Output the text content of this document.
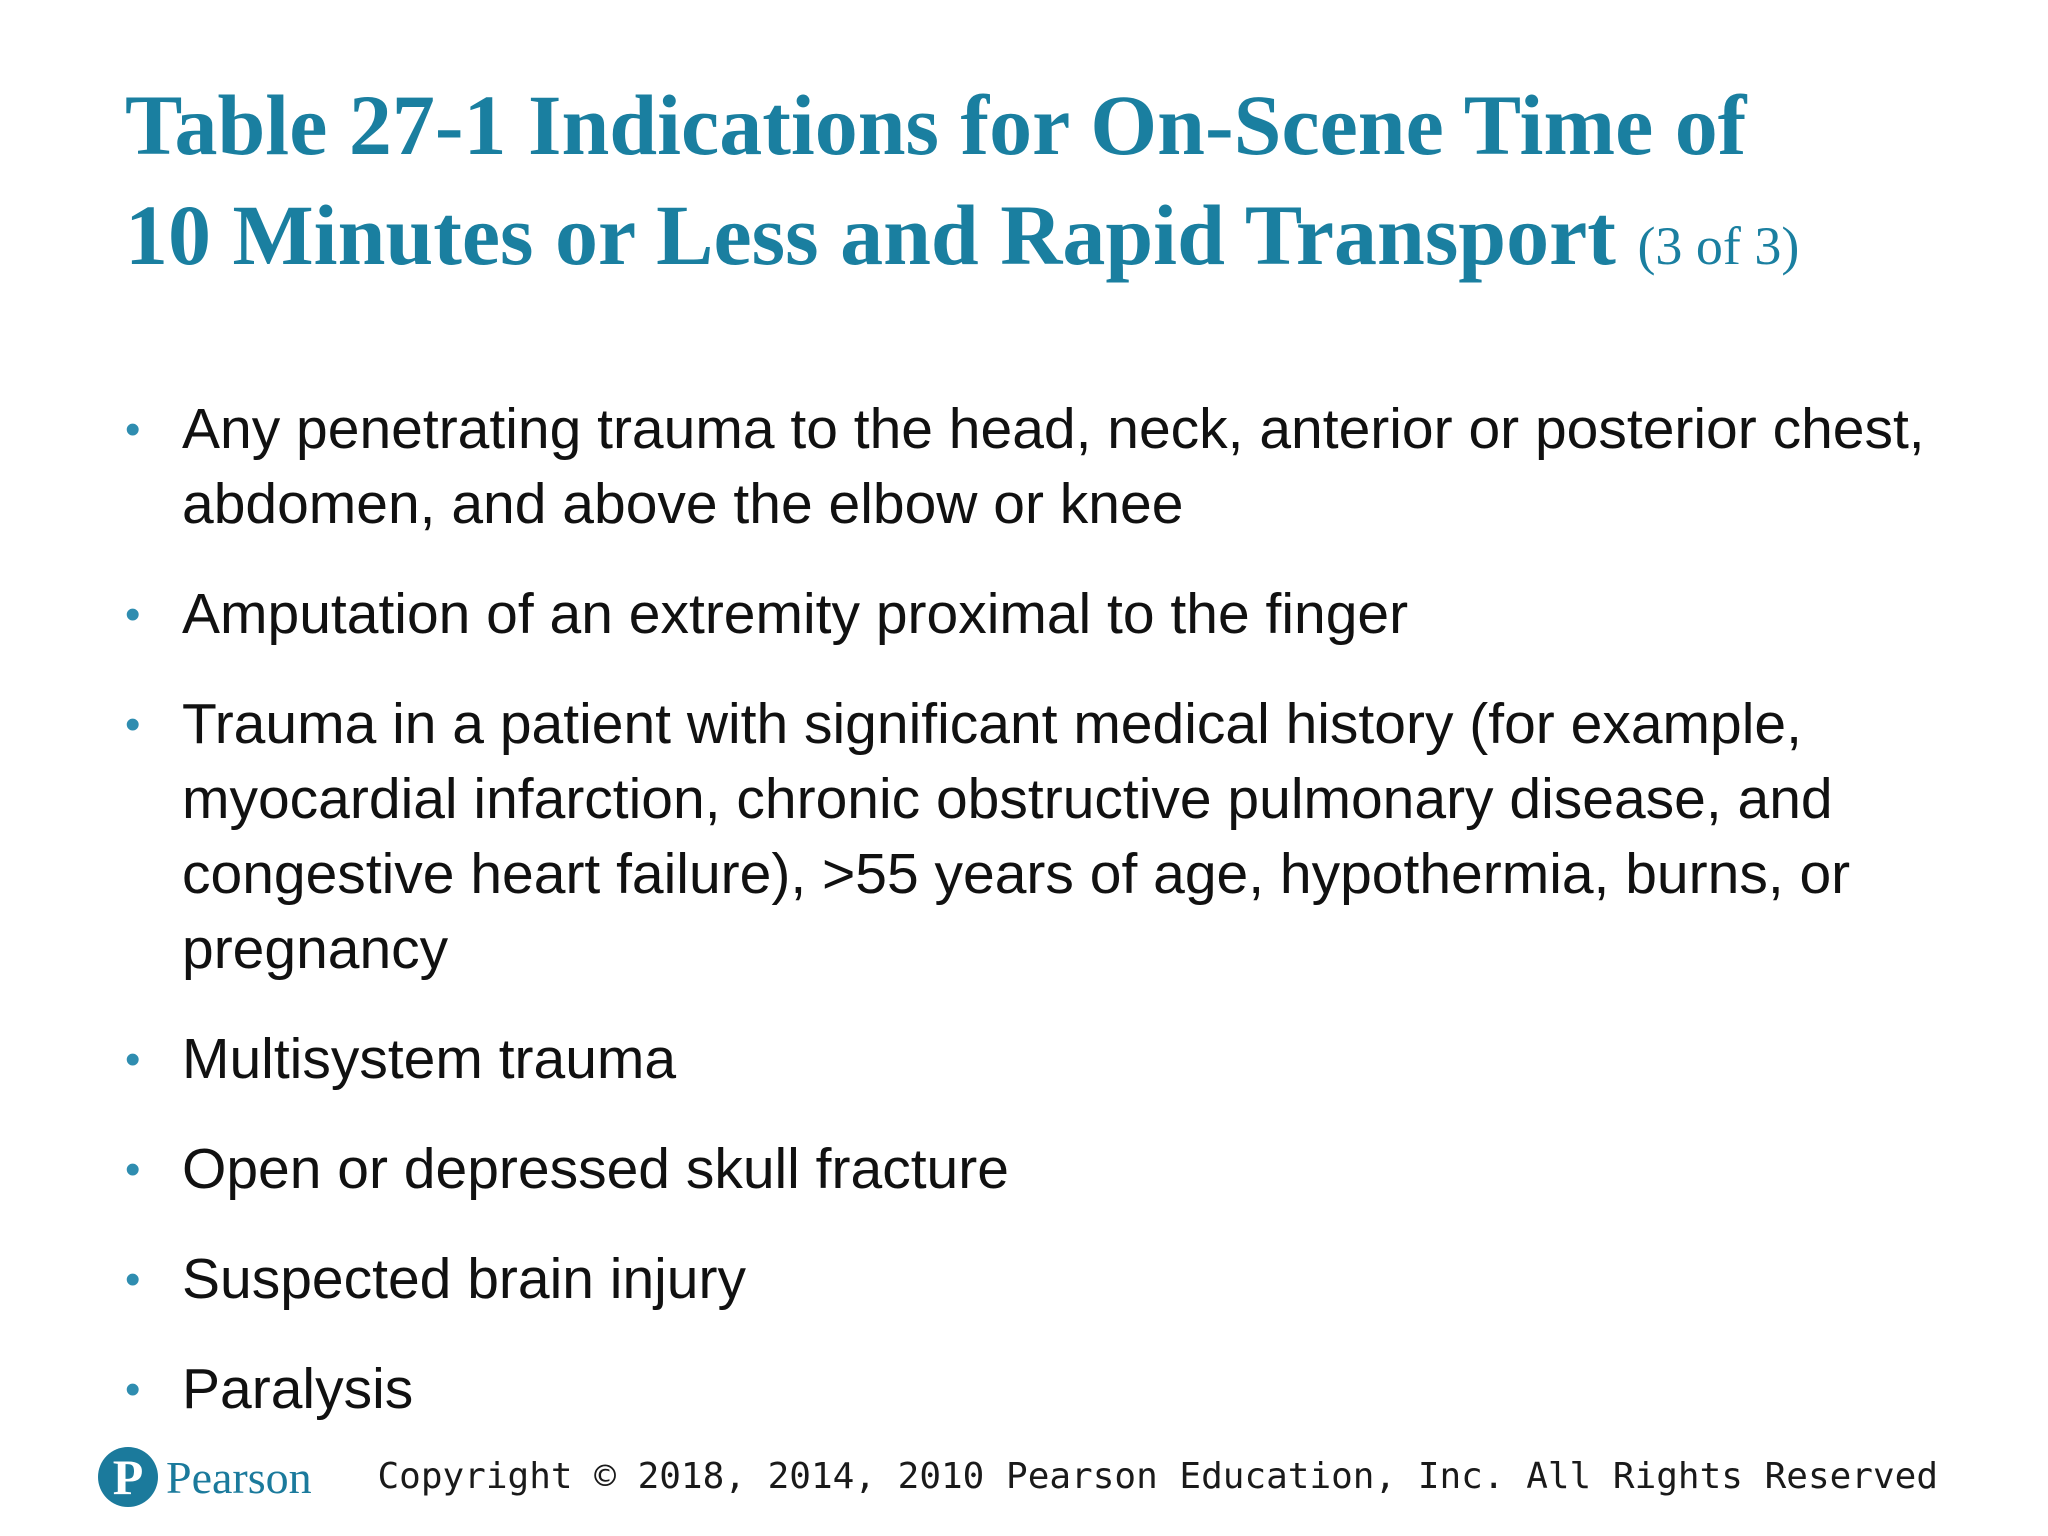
Table 27-1 Indications for On-Scene Time of
10 Minutes or Less and Rapid Transport (3 of 3)
• Any penetrating trauma to the head, neck, anterior or posterior chest, abdomen, and above the elbow or knee
• Amputation of an extremity proximal to the finger
• Trauma in a patient with significant medical history (for example, myocardial infarction, chronic obstructive pulmonary disease, and congestive heart failure), >55 years of age, hypothermia, burns, or pregnancy
• Multisystem trauma
• Open or depressed skull fracture
• Suspected brain injury
• Paralysis
P Pearson Copyright © 2018, 2014, 2010 Pearson Education, Inc. All Rights Reserved
